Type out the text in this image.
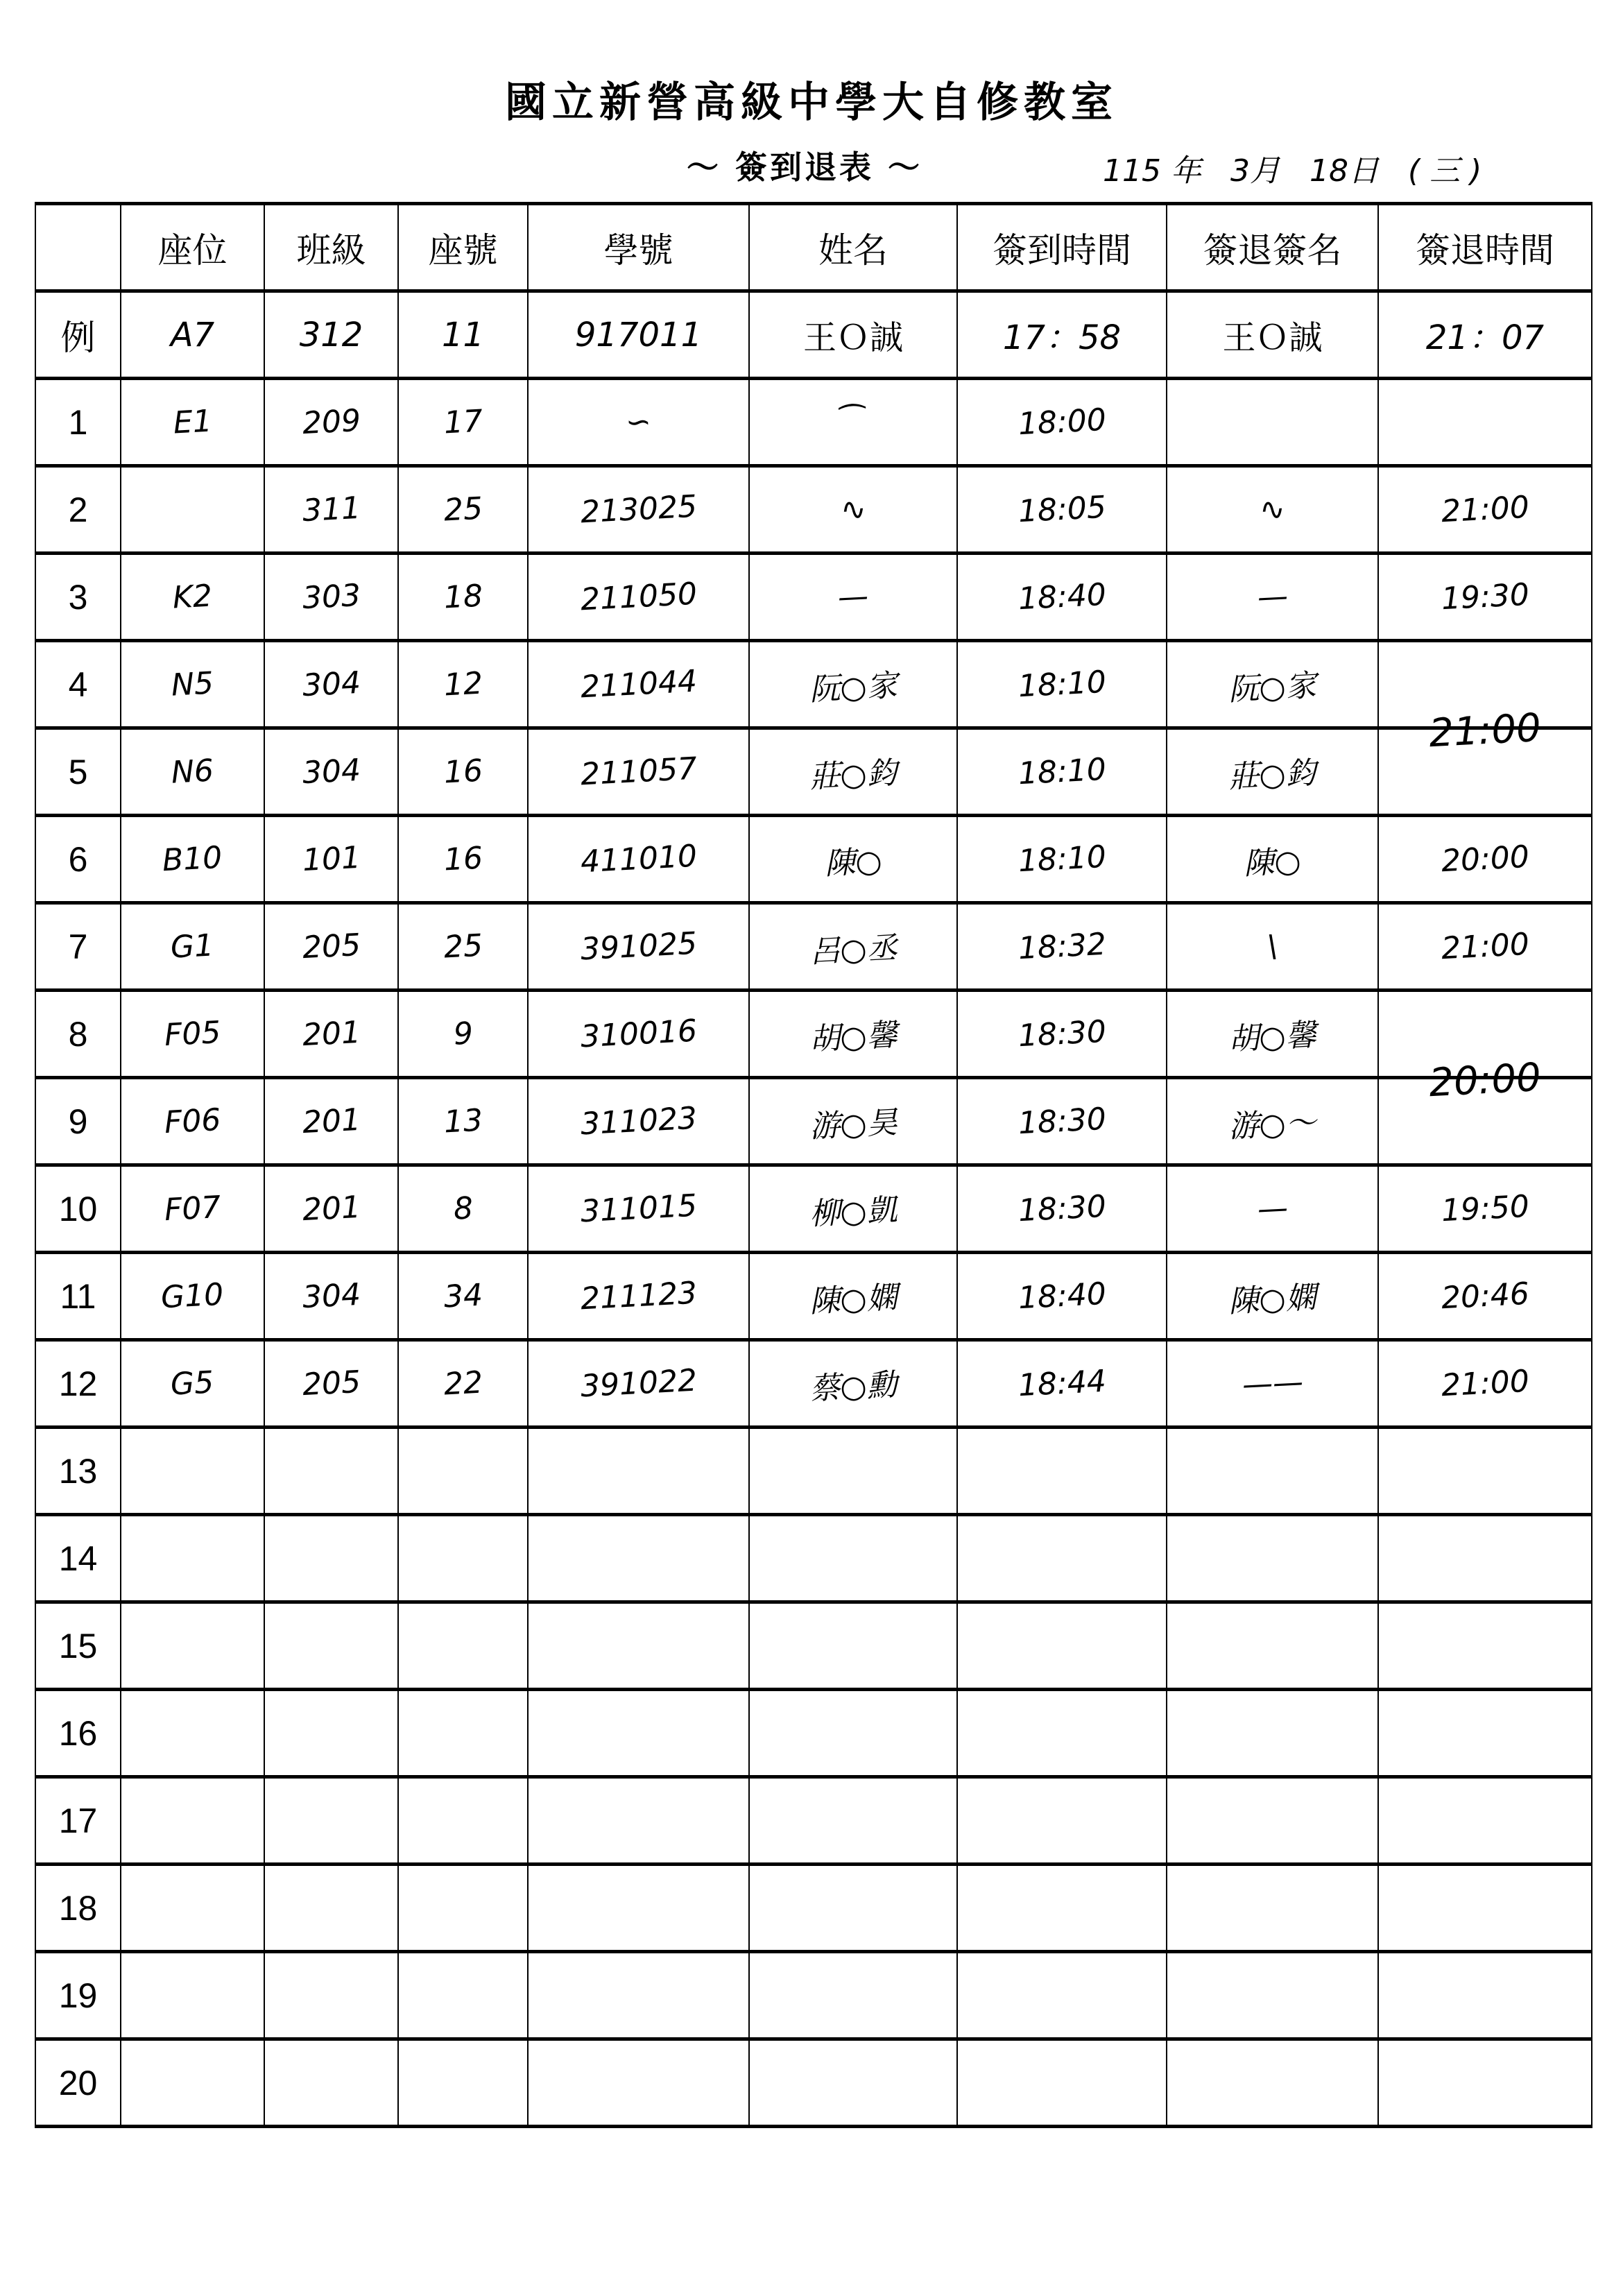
國立新營高級中學大自修教室
～ 簽到退表 ～	115 年 3月 18日 ( 三 )
	座位	班級	座號	學號	姓名	簽到時間	簽退簽名	簽退時間
例	A7	312	11	917011	王Ｏ誠	17：58	王Ｏ誠	21：07
1	E1	209	17	∽	⁀	18:00		
2		311	25	213025	∿	18:05	∿	21:00
3	K2	303	18	211050	—	18:40	—	19:30
4	N5	304	12	211044	阮○家	18:10	阮○家	21:00

5	N6	304	16	211057	莊○鈞	18:10	莊○鈞	
6	B10	101	16	411010	陳○	18:10	陳○	20:00
7	G1	205	25	391025	呂○丞	18:32	\	21:00
8	F05	201	9	310016	胡○馨	18:30	胡○馨	20:00

9	F06	201	13	311023	游○昊	18:30	游○～	
10	F07	201	8	311015	柳○凱	18:30	—	19:50
11	G10	304	34	211123	陳○嫻	18:40	陳○嫻	20:46
12	G5	205	22	391022	蔡○勳	18:44	——	21:00
13								
14								
15								
16								
17								
18								
19								
20								
